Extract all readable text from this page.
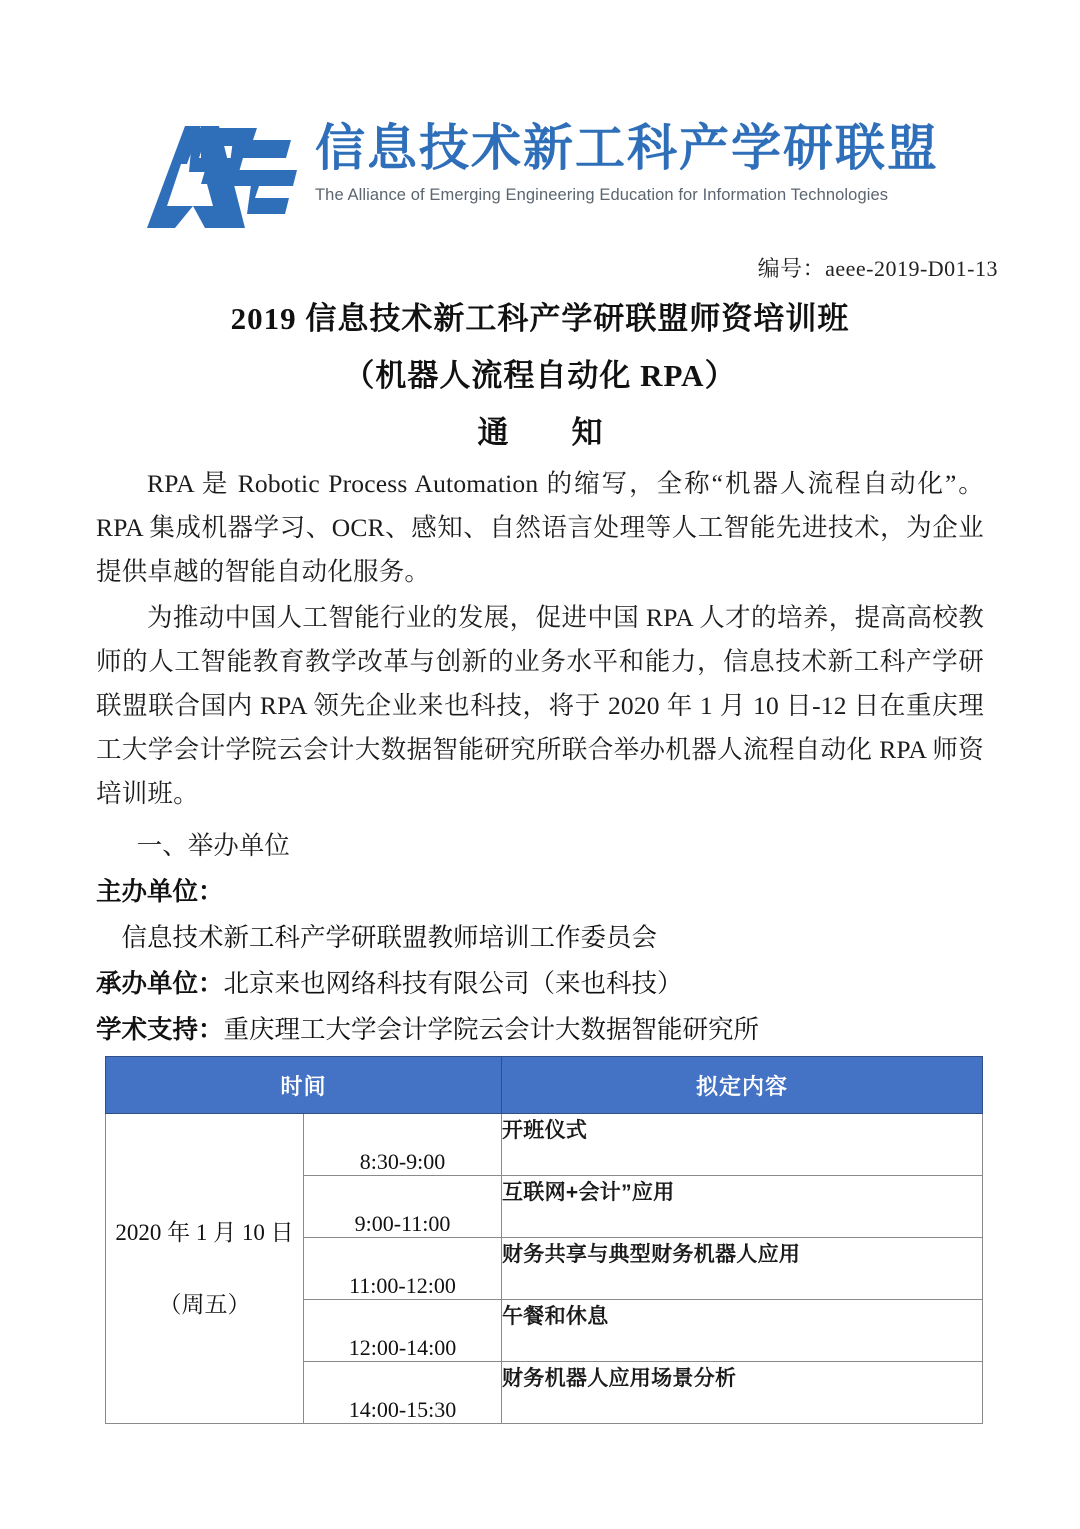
信息技术新工科产学研联盟
The Alliance of Emerging Engineering Education for Information Technologies
编号：aeee-2019-D01-13
2019 信息技术新工科产学研联盟师资培训班
（机器人流程自动化 RPA）
通　知

RPA 是 Robotic Process Automation 的缩写，全称“机器人流程自动化”。RPA 集成机器学习、OCR、感知、自然语言处理等人工智能先进技术，为企业提供卓越的智能自动化服务。

为推动中国人工智能行业的发展，促进中国 RPA 人才的培养，提高高校教师的人工智能教育教学改革与创新的业务水平和能力，信息技术新工科产学研联盟联合国内 RPA 领先企业来也科技，将于 2020 年 1 月 10 日-12 日在重庆理工大学会计学院云会计大数据智能研究所联合举办机器人流程自动化 RPA 师资培训班。

一、举办单位

主办单位：

信息技术新工科产学研联盟教师培训工作委员会

承办单位：北京来也网络科技有限公司（来也科技）

学术支持：重庆理工大学会计学院云会计大数据智能研究所

时间		拟定内容

2020 年 1 月 10 日
（周五）	8:30-9:00	开班仪式
	9:00-11:00	互联网+会计”应用
	11:00-12:00	财务共享与典型财务机器人应用
	12:00-14:00	午餐和休息
	14:00-15:30	财务机器人应用场景分析
